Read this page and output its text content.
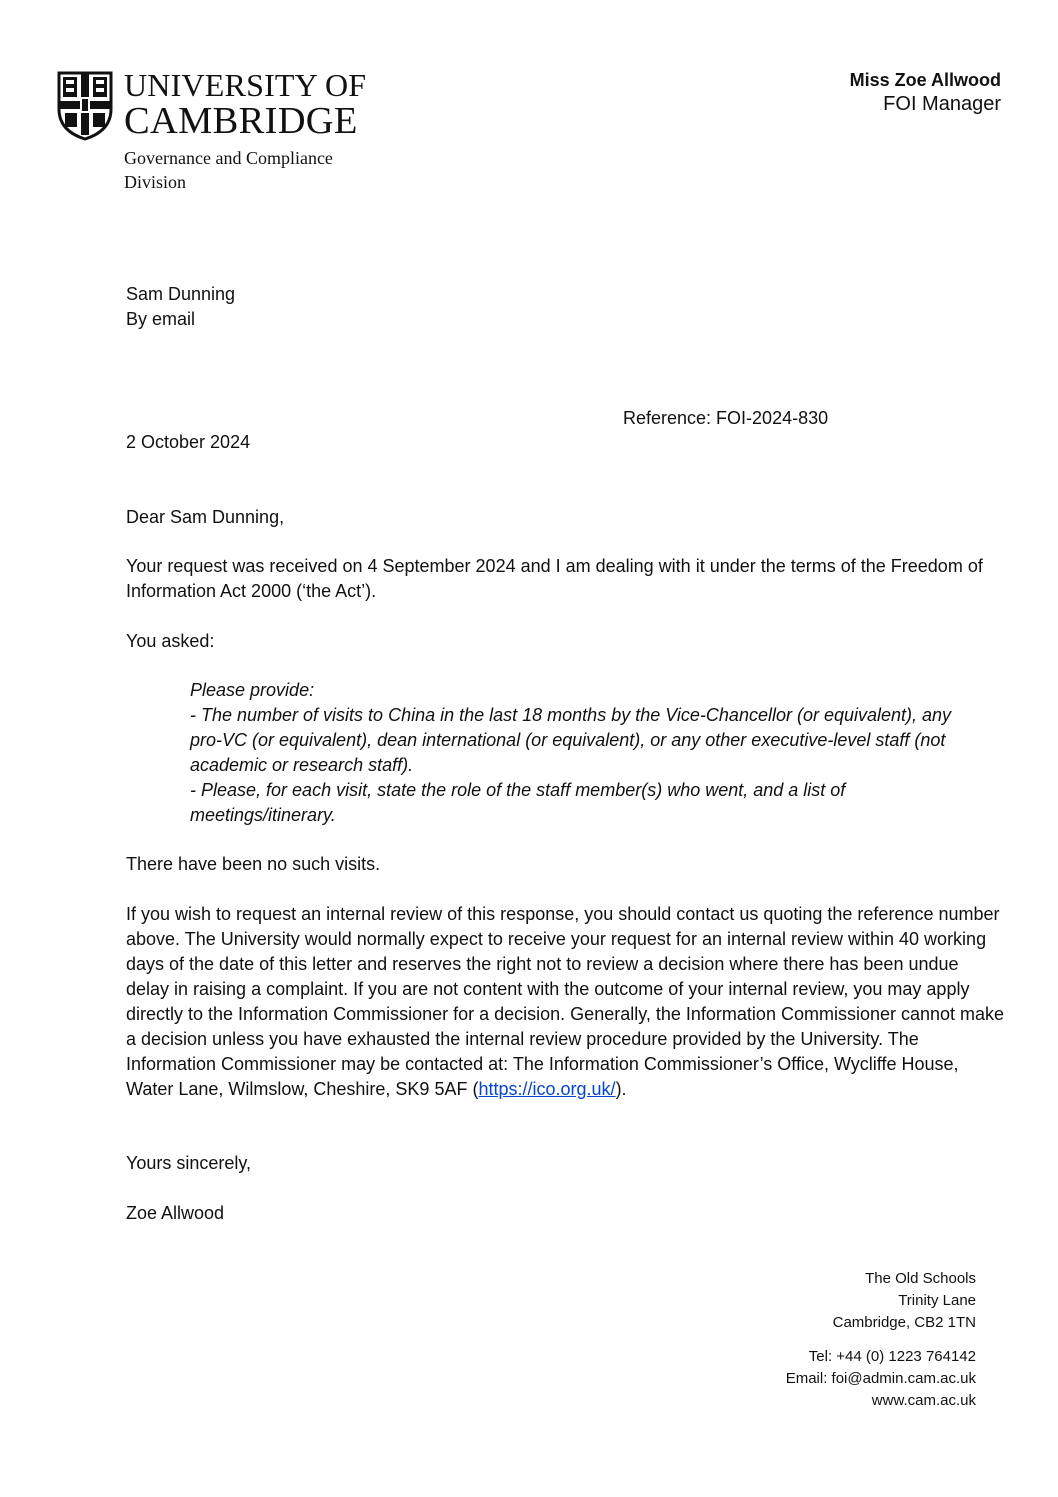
UNIVERSITY OF
CAMBRIDGE
Governance and Compliance
Division
Miss Zoe Allwood
FOI Manager
Sam Dunning
By email
Reference: FOI-2024-830
2 October 2024
Dear Sam Dunning,
Your request was received on 4 September 2024 and I am dealing with it under the terms of the Freedom of Information Act 2000 (‘the Act’).
You asked:
Please provide:
- The number of visits to China in the last 18 months by the Vice-Chancellor (or equivalent), any
pro-VC (or equivalent), dean international (or equivalent), or any other executive-level staff (not
academic or research staff).
- Please, for each visit, state the role of the staff member(s) who went, and a list of
meetings/itinerary.
There have been no such visits.
If you wish to request an internal review of this response, you should contact us quoting the reference number above. The University would normally expect to receive your request for an internal review within 40 working days of the date of this letter and reserves the right not to review a decision where there has been undue delay in raising a complaint. If you are not content with the outcome of your internal review, you may apply directly to the Information Commissioner for a decision. Generally, the Information Commissioner cannot make a decision unless you have exhausted the internal review procedure provided by the University. The Information Commissioner may be contacted at: The Information Commissioner’s Office, Wycliffe House, Water Lane, Wilmslow, Cheshire, SK9 5AF (https://ico.org.uk/).
Yours sincerely,
Zoe Allwood
The Old Schools
Trinity Lane
Cambridge, CB2 1TN
Tel: +44 (0) 1223 764142
Email: foi@admin.cam.ac.uk
www.cam.ac.uk
